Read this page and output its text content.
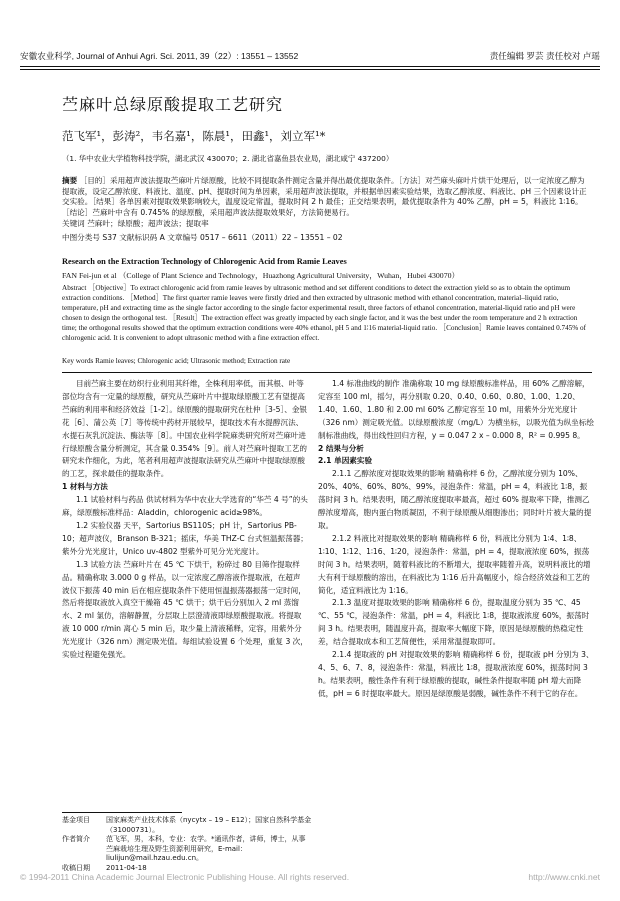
安徽农业科学, Journal of Anhui Agri. Sci. 2011, 39（22）: 13551 – 13552	责任编辑 罗芸 责任校对 卢瑶
苎麻叶总绿原酸提取工艺研究
范飞军¹，彭涛²，韦名嘉¹，陈晨¹，田鑫¹，刘立军¹*
（1. 华中农业大学植物科技学院，湖北武汉 430070；2. 湖北省嘉鱼县农业局，湖北咸宁 437200）
摘要 ［目的］采用超声波法提取苎麻叶片绿原酸，比较不同提取条件测定含量并得出最优提取条件。［方法］对苎麻头麻叶片烘干处理后，以一定浓度乙醇为提取液，设定乙醇浓度、料液比、温度、pH、提取时间为单因素，采用超声波法提取，并根据单因素实验结果，选取乙醇浓度、料液比、pH 三个因素设计正交实验。［结果］各单因素对提取效果影响较大，温度设定常温，提取时间 2 h 最佳；正交结果表明，最优提取条件为 40% 乙醇，pH = 5，料液比 1∶16。［结论］苎麻叶中含有 0.745% 的绿原酸，采用超声波法提取效果好，方法简便易行。
关键词 苎麻叶；绿原酸；超声波法；提取率
中图分类号 S37 文献标识码 A 文章编号 0517 – 6611（2011）22 – 13551 – 02
Research on the Extraction Technology of Chlorogenic Acid from Ramie Leaves
FAN Fei-jun et al （College of Plant Science and Technology，Huazhong Agricultural University，Wuhan，Hubei 430070）
Abstract ［Objective］To extract chlorogenic acid from ramie leaves by ultrasonic method and set different conditions to detect the extraction yield so as to obtain the optimum extraction conditions. ［Method］The first quarter ramie leaves were firstly dried and then extracted by ultrasonic method with ethanol concentration, material–liquid ratio, temperature, pH and extracting time as the single factor according to the single factor experimental result, three factors of ethanol concentration, material-liquid ratio and pH were chosen to design the orthogonal test. ［Result］The extraction effect was greatly impacted by each single factor, and it was the best under the room temperature and 2 h extraction time; the orthogonal results showed that the optimum extraction conditions were 40% ethanol, pH 5 and 1∶16 material-liquid ratio. ［Conclusion］Ramie leaves contained 0.745% of chlorogenic acid. It is convenient to adopt ultrasonic method with a fine extraction effect.
Key words Ramie leaves; Chlorogenic acid; Ultrasonic method; Extraction rate

目前苎麻主要在纺织行业利用其纤维，全株利用率低，而其根、叶等部位均含有一定量的绿原酸，研究从苎麻叶片中提取绿原酸工艺有望提高苎麻的利用率和经济效益［1-2］。绿原酸的提取研究在杜仲［3-5］、金银花［6］、蒲公英［7］等传统中药材开展较早，提取技术有水提醇沉法、水提石灰乳沉淀法、酶法等［8］。中国农业科学院麻类研究所对苎麻叶进行绿原酸含量分析测定，其含量 0.354%［9］。前人对苎麻叶提取工艺的研究未作细化，为此，笔者利用超声波提取法研究从苎麻叶中提取绿原酸的工艺，探求最佳的提取条件。

1 材料与方法

1.1 试验材料与药品 供试材料为华中农业大学选育的“华苎 4 号”的头麻，绿原酸标准样品：Aladdin，chlorogenic acid≥98%。

1.2 实验仪器 天平，Sartorius BS110S；pH 计，Sartorius PB-10；超声波仪，Branson B-321；摇床，华美 THZ-C 台式恒温振荡器；紫外分光光度计，Unico uv-4802 型紫外可见分光光度计。

1.3 试验方法 苎麻叶片在 45 ℃ 下烘干，粉碎过 80 目筛作提取样品。精确称取 3.000 0 g 样品，以一定浓度乙醇溶液作提取液，在超声波仪下振荡 40 min 后在相应提取条件下使用恒温振荡器振荡一定时间，然后将提取液放入真空干燥箱 45 ℃ 烘干；烘干后分别加入 2 ml 蒸馏水、2 ml 氯仿，溶解静置，分层取上层澄清液即绿原酸提取液。将提取液 10 000 r/min 离心 5 min 后，取少量上清液稀释，定容，用紫外分光光度计（326 nm）测定吸光值。每组试验设置 6 个处理，重复 3 次，实验过程避免强光。

1.4 标准曲线的制作 准确称取 10 mg 绿原酸标准样品，用 60% 乙醇溶解，定容至 100 ml，摇匀，再分别取 0.20、0.40、0.60、0.80、1.00、1.20、1.40、1.60、1.80 和 2.00 ml 60% 乙醇定容至 10 ml，用紫外分光光度计（326 nm）测定吸光值。以绿原酸浓度（mg/L）为横坐标，以吸光值为纵坐标绘制标准曲线，得出线性回归方程，y = 0.047 2 x – 0.000 8，R² = 0.995 8。

2 结果与分析

2.1 单因素实验

2.1.1 乙醇浓度对提取效果的影响 精确称样 6 份，乙醇浓度分别为 10%、20%、40%、60%、80%、99%，浸泡条件：常温，pH = 4，料液比 1∶8，振荡时间 3 h。结果表明，随乙醇浓度提取率最高，超过 60% 提取率下降，推测乙醇浓度增高，胞内蛋白物质凝固，不利于绿原酸从细胞渗出；同时叶片被大量的提取。

2.1.2 料液比对提取效果的影响 精确称样 6 份，料液比分别为 1∶4、1∶8、1∶10、1∶12、1∶16、1∶20，浸泡条件：常温，pH = 4，提取液浓度 60%，振荡时间 3 h。结果表明，随着料液比的不断增大，提取率随着升高，说明料液比的增大有利于绿原酸的溶出，在料液比为 1∶16 后升高幅度小，综合经济效益和工艺的简化，适宜料液比为 1∶16。

2.1.3 温度对提取效果的影响 精确称样 6 份，提取温度分别为 35 ℃、45 ℃、55 ℃，浸泡条件：常温，pH = 4，料液比 1∶8，提取液浓度 60%，振荡时间 3 h。结果表明，随温度升高，提取率大幅度下降，原因是绿原酸的热稳定性差，结合提取成本和工艺简便性，采用常温提取即可。

2.1.4 提取液的 pH 对提取效果的影响 精确称样 6 份，提取液 pH 分别为 3、4、5、6、7、8，浸泡条件：常温，料液比 1∶8，提取液浓度 60%，振荡时间 3 h。结果表明，酸性条件有利于绿原酸的提取，碱性条件提取率随 pH 增大而降低，pH = 6 时提取率最大。原因是绿原酸是弱酸，碱性条件不利于它的存在。

基金项目	国家麻类产业技术体系（nycytx – 19 – E12）；国家自然科学基金（31000731）。
作者简介	范飞军，男，本科，专业：农学。*通讯作者，讲师，博士，从事苎麻栽培生理及野生资源利用研究，E-mail：liulijun@mail.hzau.edu.cn。
收稿日期	2011-04-18
© 1994-2011 China Academic Journal Electronic Publishing House. All rights reserved.	http://www.cnki.net
